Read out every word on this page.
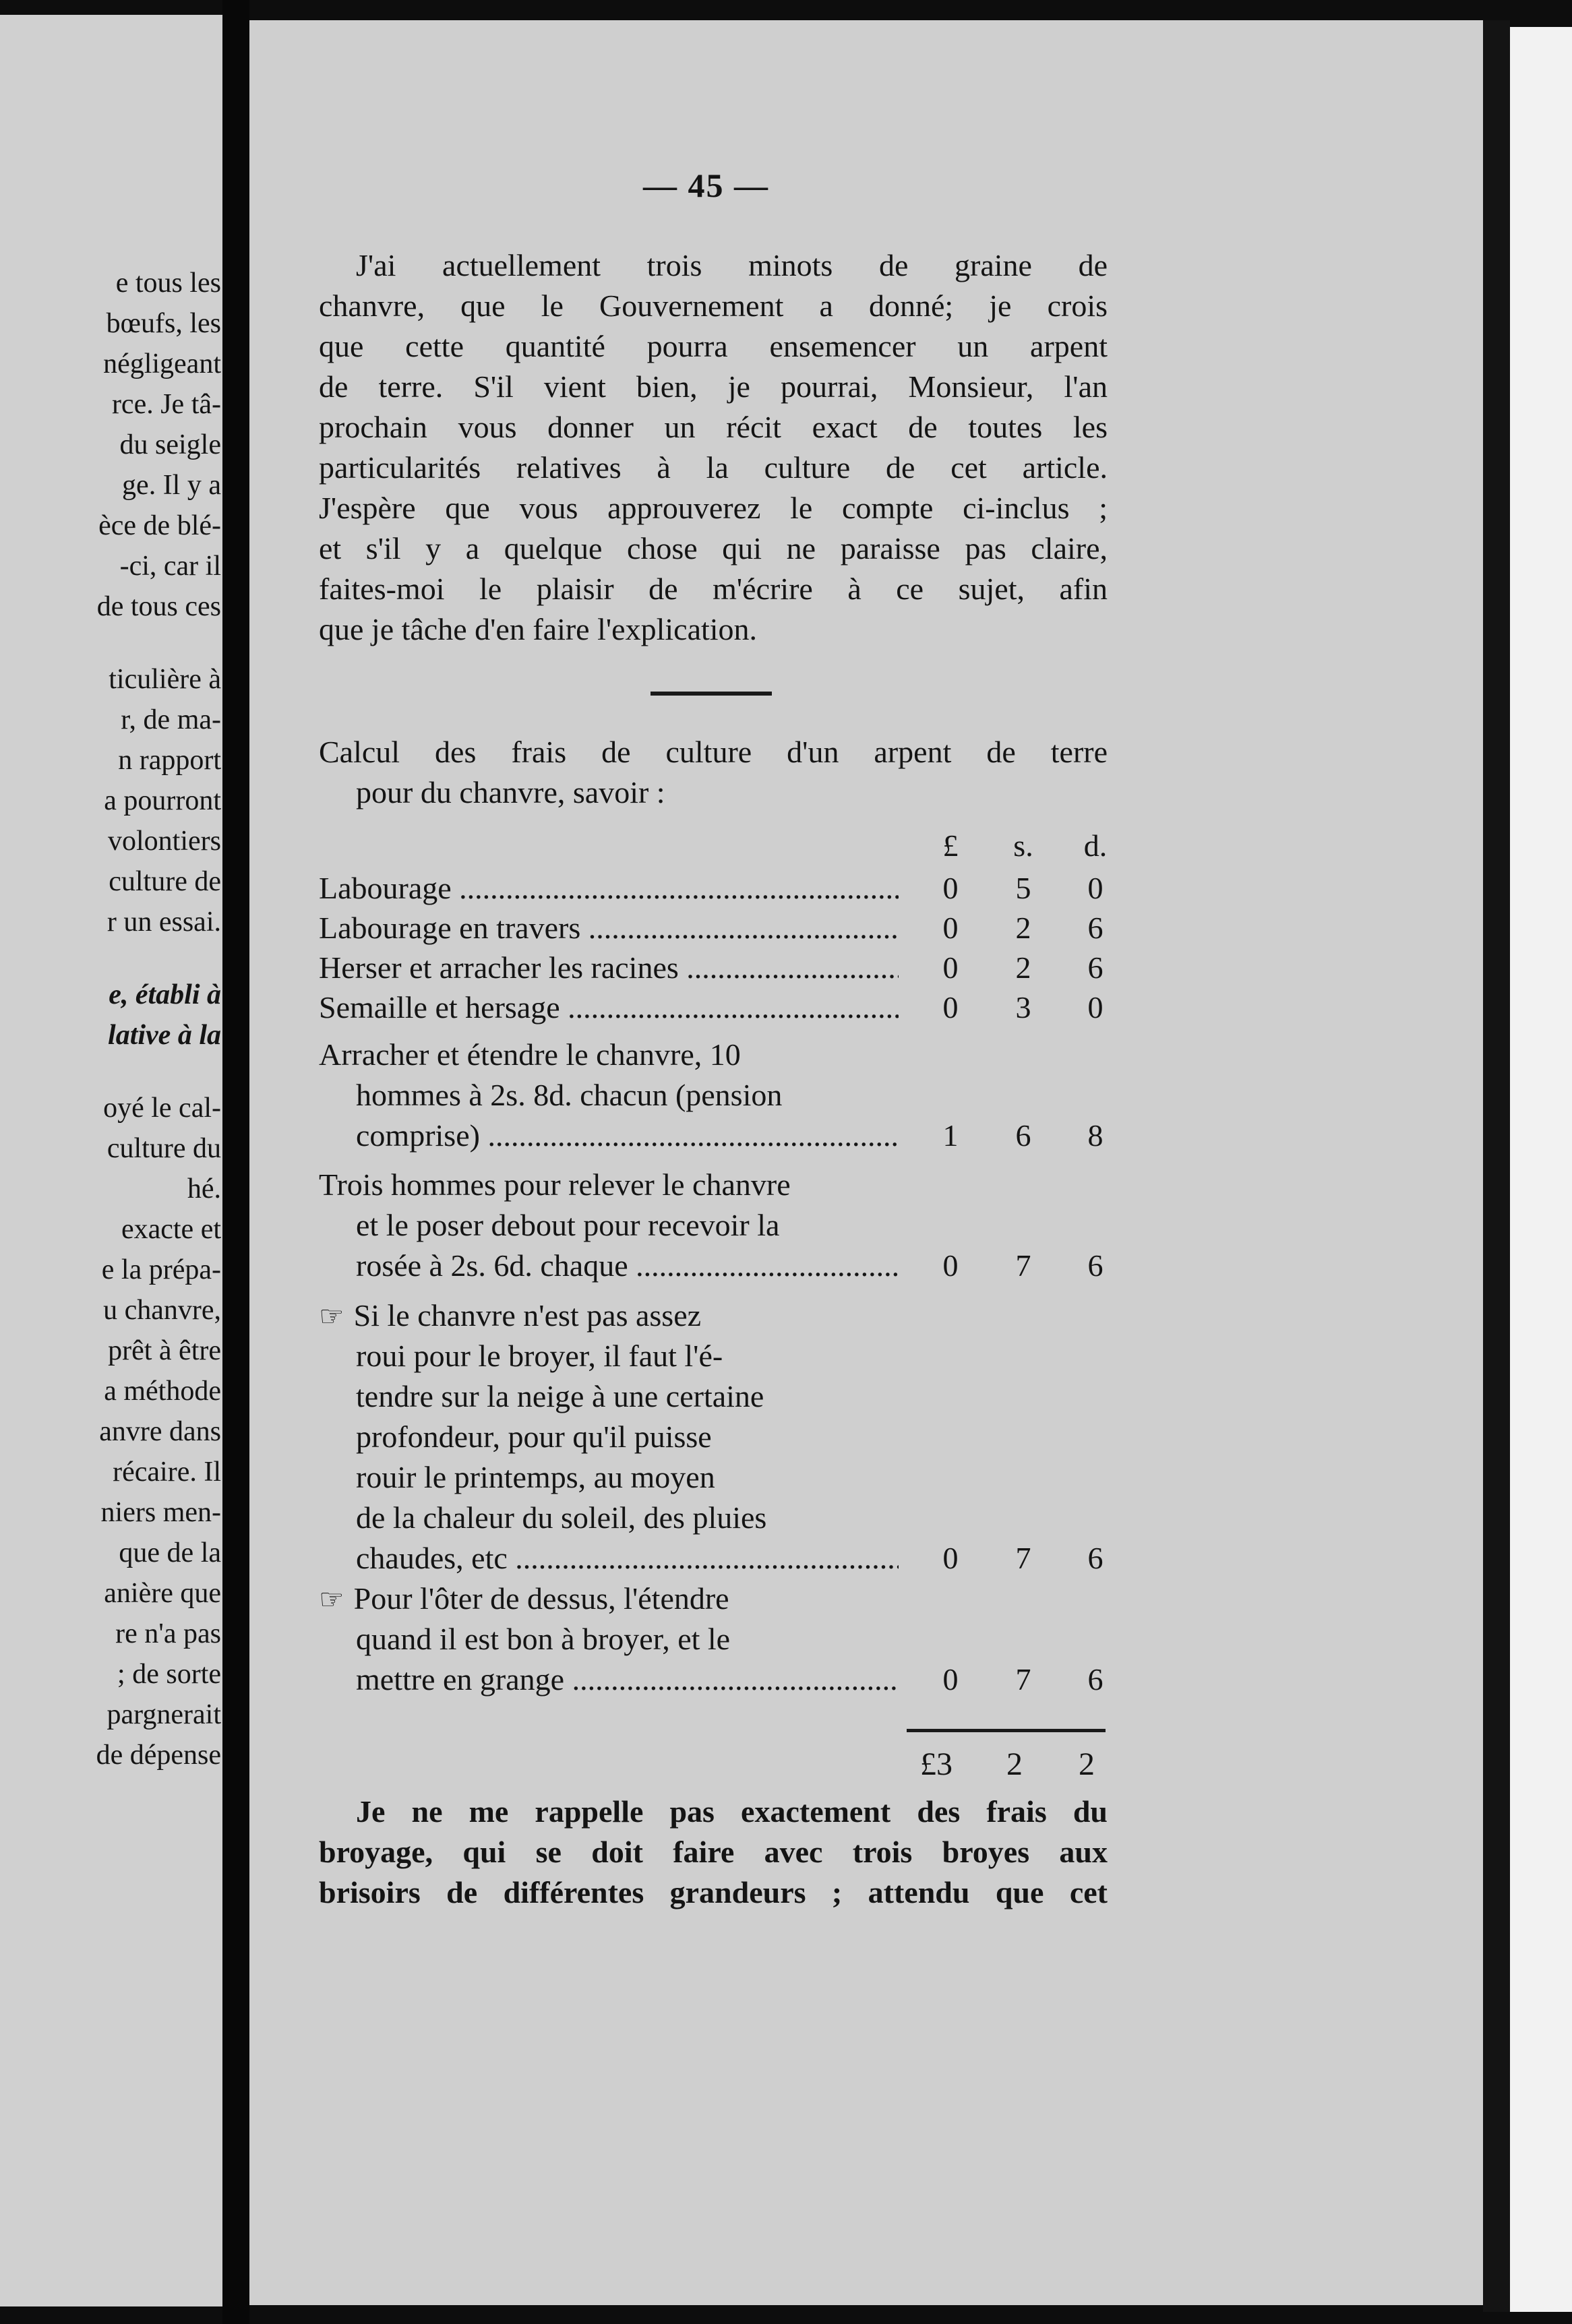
e tous les
bœufs, les
négligeant
rce. Je tâ-
du seigle
ge. Il y a
èce de blé-
-ci, car il
de tous ces
ticulière à
r, de ma-
n rapport
a pourront
volontiers
culture de
r un essai.
e, établi à
lative à la
oyé le cal-
culture du
hé.
exacte et
e la prépa-
u chanvre,
prêt à être
a méthode
anvre dans
récaire. Il
niers men-
que de la
anière que
re n'a pas
; de sorte
pargnerait
de dépense
— 45 —
J'ai actuellement trois minots de graine de
chanvre, que le Gouvernement a donné; je crois
que cette quantité pourra ensemencer un arpent
de terre. S'il vient bien, je pourrai, Monsieur, l'an
prochain vous donner un récit exact de toutes les
particularités relatives à la culture de cet article.
J'espère que vous approuverez le compte ci-inclus ;
et s'il y a quelque chose qui ne paraisse pas claire,
faites-moi le plaisir de m'écrire à ce sujet, afin
que je tâche d'en faire l'explication.
Calcul des frais de culture d'un arpent de terre
pour du chanvre, savoir :
£	s.	d.
Labourage .....	0	5	0
Labourage en travers .....	0	2	6
Herser et arracher les racines .....	0	2	6
Semaille et hersage .....	0	3	0
Arracher et étendre le chanvre, 10
hommes à 2s. 8d. chacun (pension
comprise) .....	1	6	8
Trois hommes pour relever le chanvre
et le poser debout pour recevoir la
rosée à 2s. 6d. chaque .....	0	7	6
☞ Si le chanvre n'est pas assez
roui pour le broyer, il faut l'é-
tendre sur la neige à une certaine
profondeur, pour qu'il puisse
rouir le printemps, au moyen
de la chaleur du soleil, des pluies
chaudes, etc .....	0	7	6
☞ Pour l'ôter de dessus, l'étendre
quand il est bon à broyer, et le
mettre en grange .....	0	7	6
£3 2 2
Je ne me rappelle pas exactement des frais du
broyage, qui se doit faire avec trois broyes aux
brisoirs de différentes grandeurs ; attendu que cet
